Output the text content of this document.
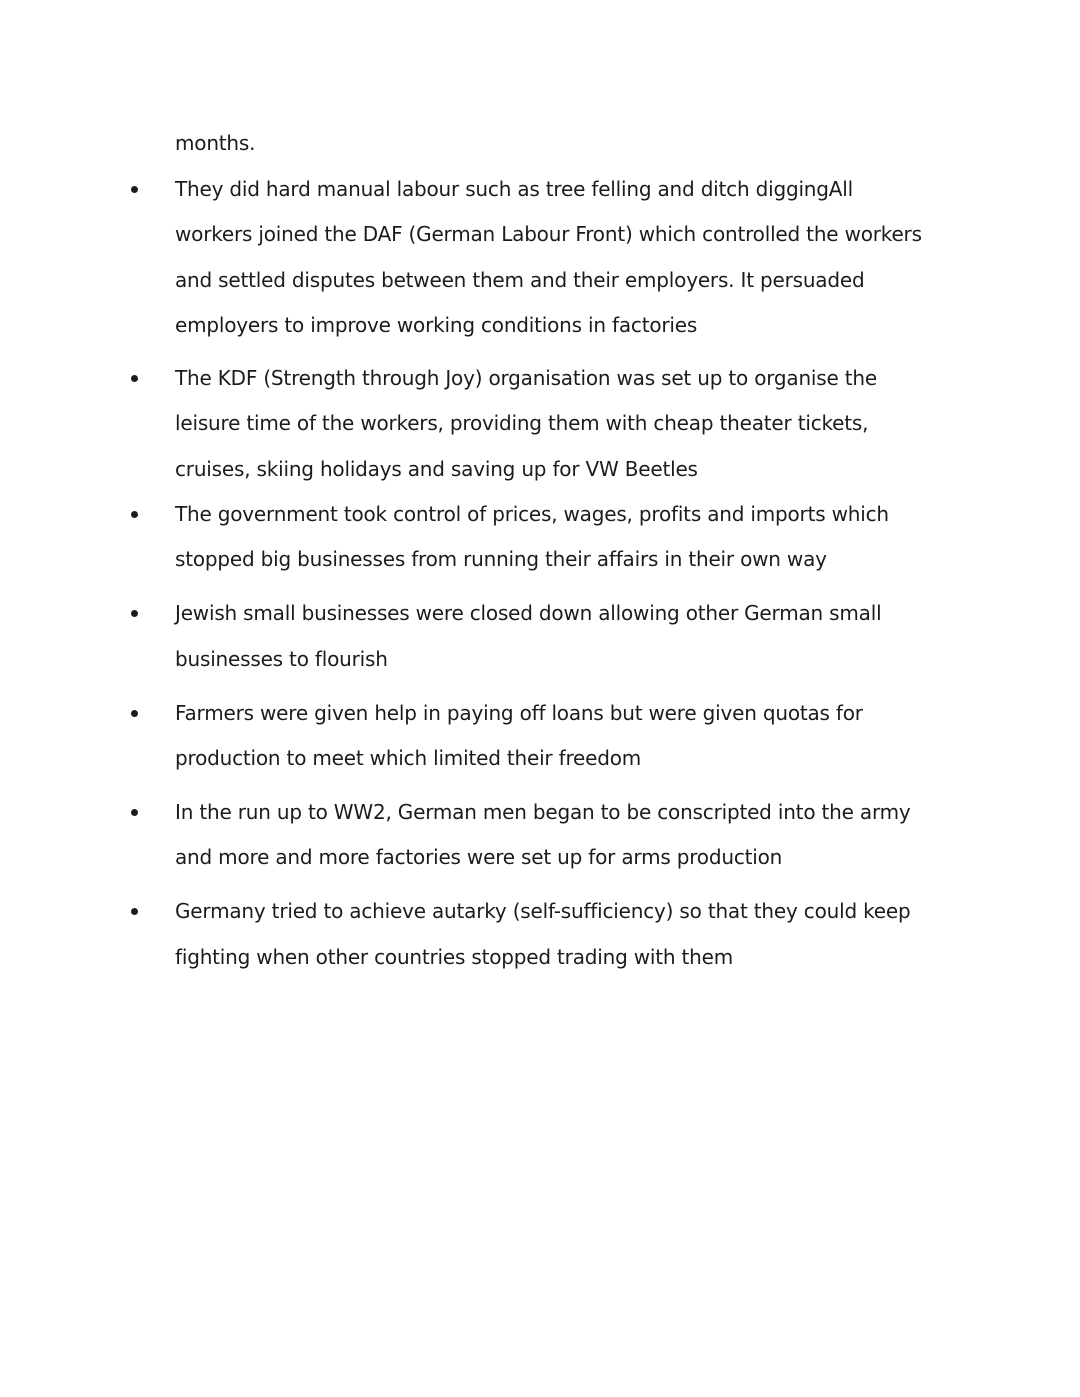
months.
They did hard manual labour such as tree felling and ditch diggingAll
workers joined the DAF (German Labour Front) which controlled the workers
and settled disputes between them and their employers. It persuaded
employers to improve working conditions in factories
The KDF (Strength through Joy) organisation was set up to organise the
leisure time of the workers, providing them with cheap theater tickets,
cruises, skiing holidays and saving up for VW Beetles
The government took control of prices, wages, profits and imports which
stopped big businesses from running their affairs in their own way
Jewish small businesses were closed down allowing other German small
businesses to flourish
Farmers were given help in paying off loans but were given quotas for
production to meet which limited their freedom
In the run up to WW2, German men began to be conscripted into the army
and more and more factories were set up for arms production
Germany tried to achieve autarky (self-sufficiency) so that they could keep
fighting when other countries stopped trading with them
